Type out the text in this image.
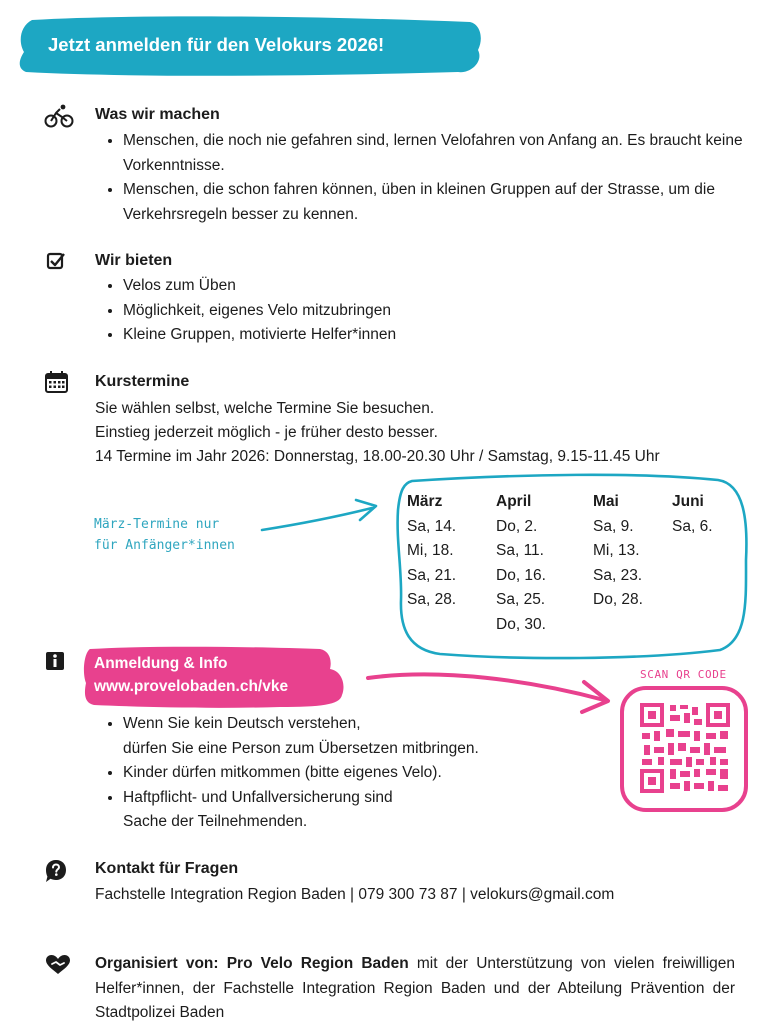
Jetzt anmelden für den Velokurs 2026!
Was wir machen
• Menschen, die noch nie gefahren sind, lernen Velofahren von Anfang an. Es braucht keine Vorkenntnisse.
• Menschen, die schon fahren können, üben in kleinen Gruppen auf der Strasse, um die Verkehrsregeln besser zu kennen.
Wir bieten
• Velos zum Üben
• Möglichkeit, eigenes Velo mitzubringen
• Kleine Gruppen, motivierte Helfer*innen
Kurstermine
Sie wählen selbst, welche Termine Sie besuchen.
Einstieg jederzeit möglich - je früher desto besser.
14 Termine im Jahr 2026: Donnerstag, 18.00-20.30 Uhr / Samstag, 9.15-11.45 Uhr
März-Termine nur
für Anfänger*innen
März
Sa, 14.
Mi, 18.
Sa, 21.
Sa, 28.
April
Do, 2.
Sa, 11.
Do, 16.
Sa, 25.
Do, 30.
Mai
Sa, 9.
Mi, 13.
Sa, 23.
Do, 28.
Juni
Sa, 6.
Anmeldung & Info
www.provelobaden.ch/vke
SCAN QR CODE
• Wenn Sie kein Deutsch verstehen,
dürfen Sie eine Person zum Übersetzen mitbringen.
• Kinder dürfen mitkommen (bitte eigenes Velo).
• Haftpflicht- und Unfallversicherung sind
Sache der Teilnehmenden.
Kontakt für Fragen
Fachstelle Integration Region Baden | 079 300 73 87 | velokurs@gmail.com
Organisiert von: Pro Velo Region Baden mit der Unterstützung von vielen freiwilligen Helfer*innen, der Fachstelle Integration Region Baden und der Abteilung Prävention der Stadtpolizei Baden
